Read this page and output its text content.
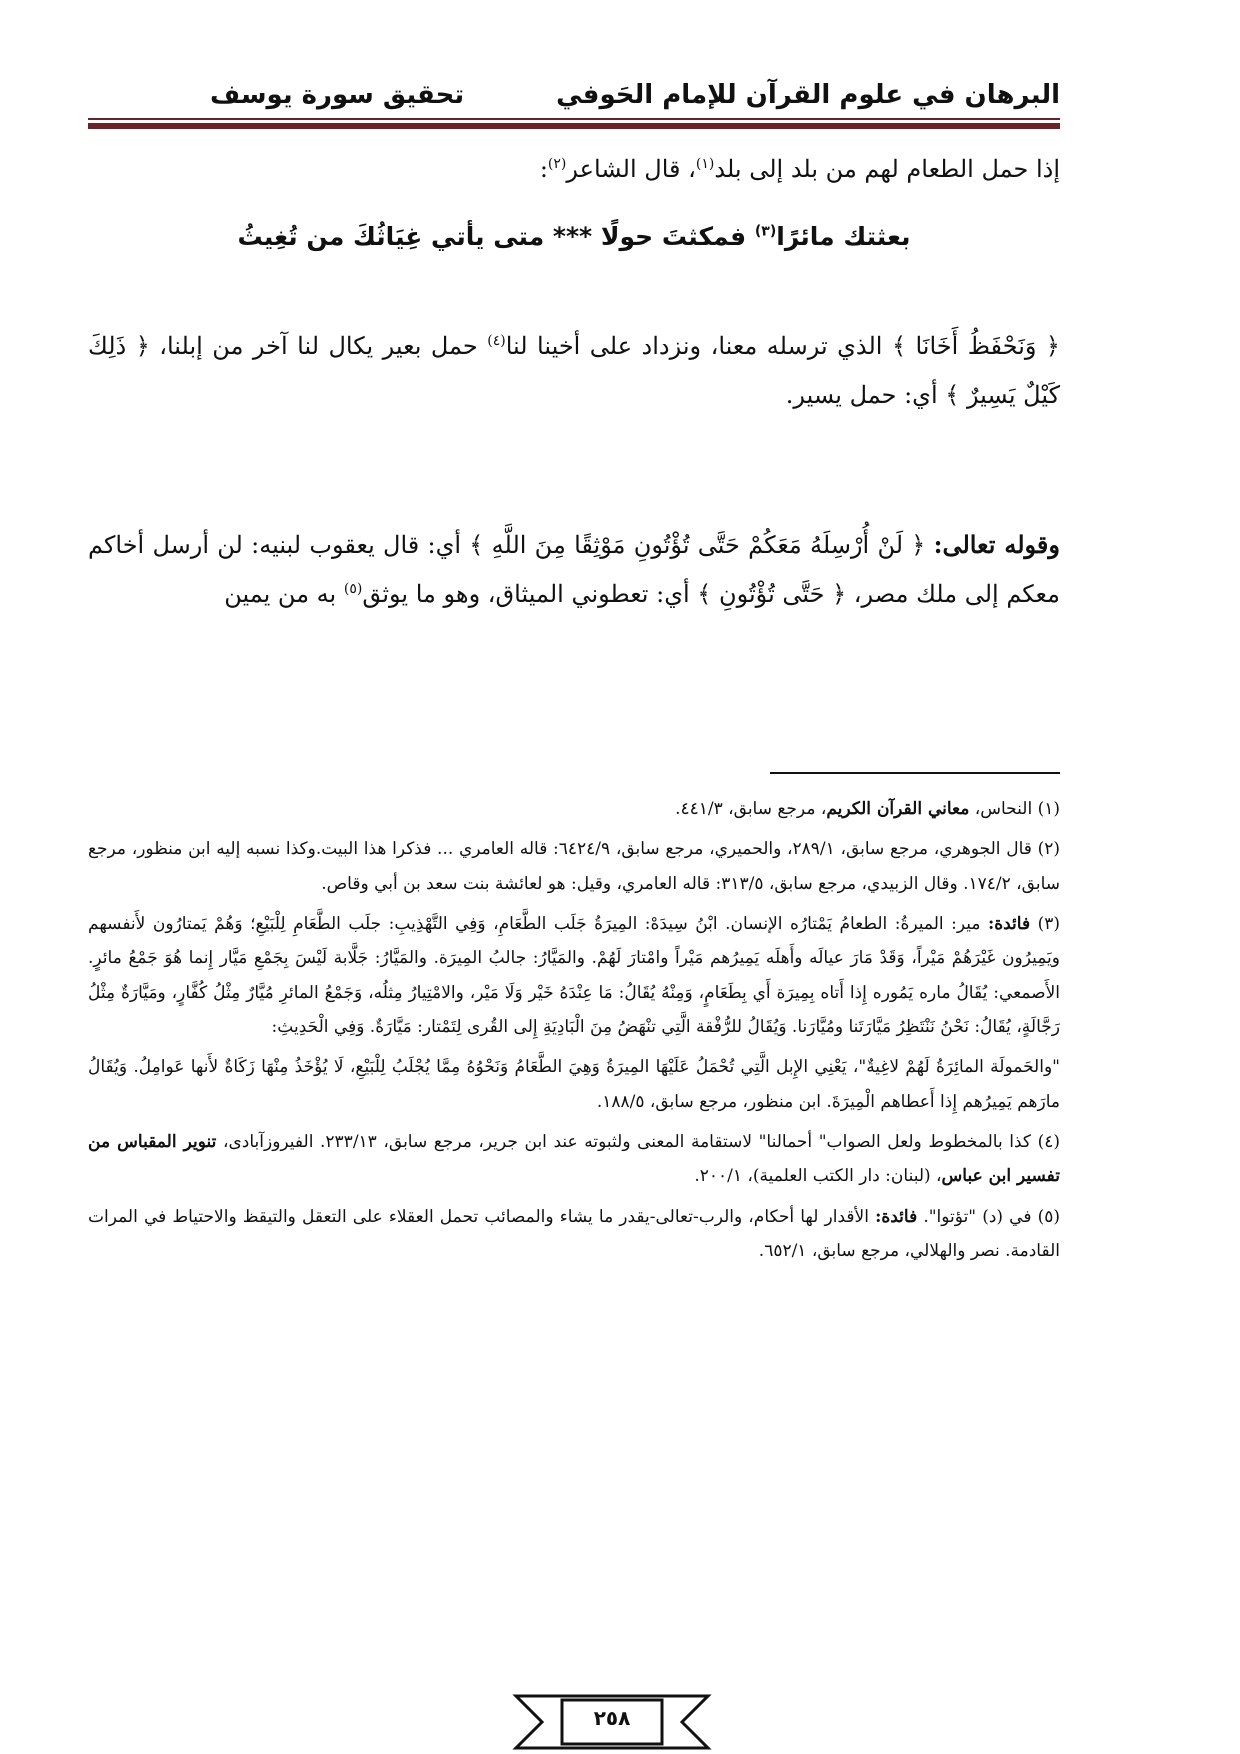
البرهان في علوم القرآن للإمام الحَوفي
تحقيق سورة يوسف
إذا حمل الطعام لهم من بلد إلى بلد$^{(١)}$، قال الشاعر$^{(٢)}$:
بعثتك مائرًا$^{(٣)}$ فمكثتَ حولًا *** متى يأتي غِيَاثُكَ من تُغِيثُ
﴿ وَنَحْفَظُ أَخَانَا ﴾ الذي ترسله معنا، ونزداد على أخينا لنا$^{(٤)}$ حمل بعير يكال لنا آخر من إبلنا، ﴿ ذَلِكَ كَيْلٌ يَسِيرٌ ﴾ أي: حمل يسير.
وقوله تعالى: ﴿ لَنْ أُرْسِلَهُ مَعَكُمْ حَتَّى تُؤْتُونِ مَوْثِقًا مِنَ اللَّهِ ﴾ أي: قال يعقوب لبنيه: لن أرسل أخاكم معكم إلى ملك مصر، ﴿ حَتَّى تُؤْتُونِ ﴾ أي: تعطوني الميثاق، وهو ما يوثق$^{(٥)}$ به من يمين

(١) النحاس، معاني القرآن الكريم، مرجع سابق، ٤٤١/٣.

(٢) قال الجوهري، مرجع سابق، ٢٨٩/١، والحميري، مرجع سابق، ٦٤٢٤/٩: قاله العامري ... فذكرا هذا البيت.وكذا نسبه إليه ابن منظور، مرجع سابق، ١٧٤/٢. وقال الزبيدي، مرجع سابق، ٣١٣/٥: قاله العامري، وقيل: هو لعائشة بنت سعد بن أبي وقاص.

(٣) فائدة: مير: الميرةُ: الطعامُ يَمْتارُه الإنسان. ابْنُ سِيدَهْ: المِيرَةُ جَلَب الطَّعَامِ، وَفِي التَّهْذِيبِ: جلَب الطَّعَامِ لِلْبَيْعِ؛ وَهُمْ يَمتارُون لأَنفسهم ويَمِيرُون غَيْرَهُمْ مَيْراً، وَقَدْ مَارَ عيالَه وأَهلَه يَمِيرُهم مَيْراً وامْتارَ لَهُمْ. والمَيَّارُ: جالبُ المِيرَة. والمَيَّارُ: جَلَّابة لَيْسَ بِجَمْعِ مَيَّار إِنما هُوَ جَمْعُ مائرٍ. الأَصمعي: يُقَالُ ماره يَمُوره إِذا أَتاه بِمِيرَة أَي بِطَعَامٍ، وَمِنْهُ يُقَالُ: مَا عِنْدَهُ خَيْر وَلَا مَيْر، والامْتِيارُ مِثلُه، وَجَمْعُ المائرِ مُيَّارٌ مِثْلُ كُفَّارٍ، ومَيَّارَةٌ مِثْلُ رَجَّالَةٍ، يُقَالُ: نَحْنُ نَنْتَظِرُ مَيَّارَتَنا ومُيَّارَنا. وَيُقَالُ للرُّفْقة الَّتِي تنْهَضُ مِنَ الْبَادِيَةِ إِلى القُرى لِتَمْتار: مَيَّارَةٌ. وَفِي الْحَدِيثِ:

"والحَمولَة المائِرَةُ لَهُمْ لاغِيةٌ"، يَعْنِي الإِبل الَّتِي تُحْمَلُ عَلَيْهَا المِيرَةُ وَهِيَ الطَّعَامُ وَنَحْوُهُ مِمَّا يُجْلَبُ لِلْبَيْعِ، لَا يُؤْخَذُ مِنْهَا زَكَاةٌ لأَنها عَوامِلُ. وَيُقَالُ مارَهم يَمِيرُهم إِذا أَعطاهم الْمِيرَةَ. ابن منظور، مرجع سابق، ١٨٨/٥.

(٤) كذا بالمخطوط ولعل الصواب" أحمالنا" لاستقامة المعنى ولثبوته عند ابن جرير، مرجع سابق، ٢٣٣/١٣. الفيروزآبادى، تنوير المقباس من تفسير ابن عباس، (لبنان: دار الكتب العلمية)، ٢٠٠/١.

(٥) في (د) "تؤتوا". فائدة: الأقدار لها أحكام، والرب-تعالى-يقدر ما يشاء والمصائب تحمل العقلاء على التعقل والتيقظ والاحتياط في المرات القادمة. نصر والهلالي، مرجع سابق، ٦٥٢/١.

٢٥٨
